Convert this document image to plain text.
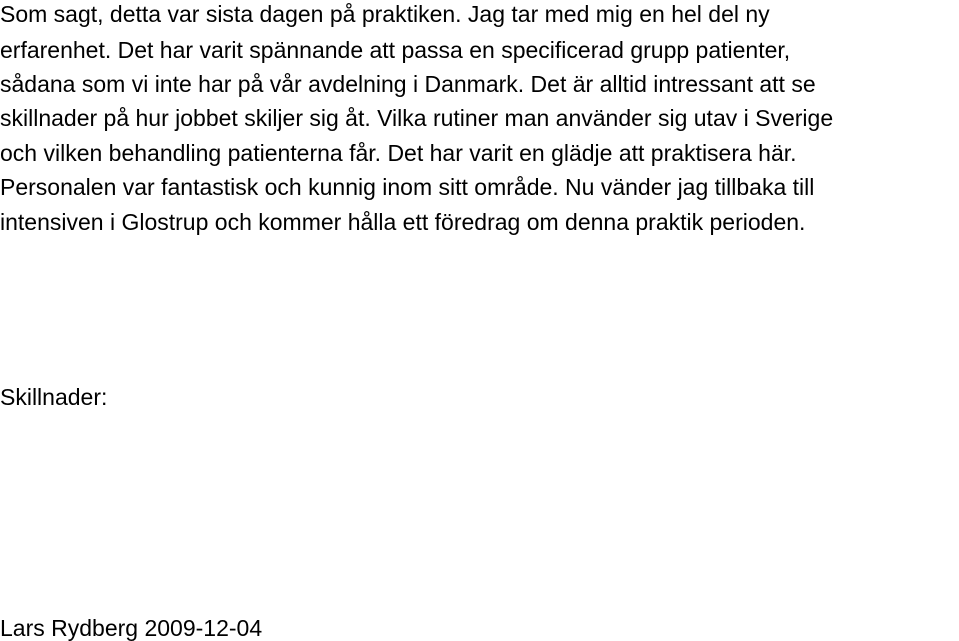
Som sagt, detta var sista dagen på praktiken. Jag tar med mig en hel del ny
erfarenhet. Det har varit spännande att passa en specificerad grupp patienter,
sådana som vi inte har på vår avdelning i Danmark. Det är alltid intressant att se
skillnader på hur jobbet skiljer sig åt. Vilka rutiner man använder sig utav i Sverige
och vilken behandling patienterna får. Det har varit en glädje att praktisera här.
Personalen var fantastisk och kunnig inom sitt område. Nu vänder jag tillbaka till
intensiven i Glostrup och kommer hålla ett föredrag om denna praktik perioden.
Skillnader:
Lars Rydberg 2009-12-04
